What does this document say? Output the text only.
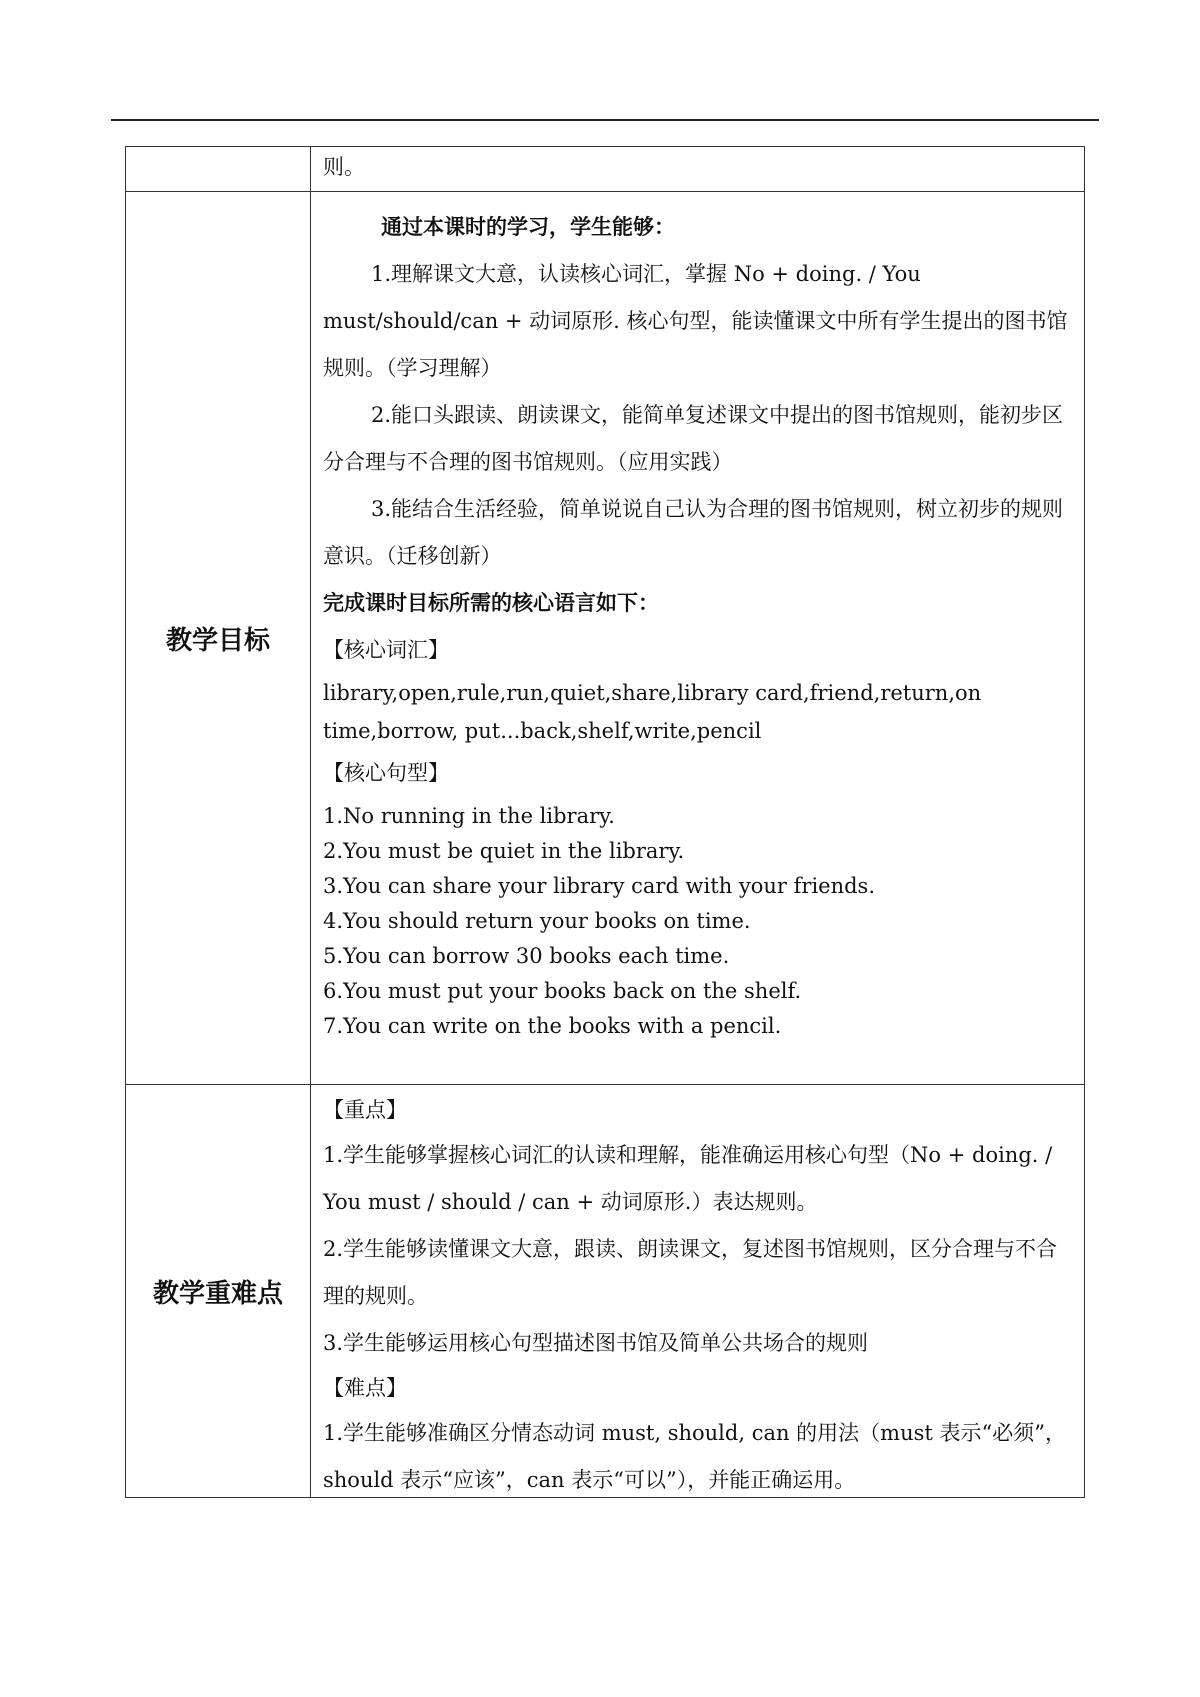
则。

教学目标

通过本课时的学习，学生能够：

1.理解课文大意，认读核心词汇，掌握 No + doing. / You must/should/can + 动词原形. 核心句型，能读懂课文中所有学生提出的图书馆规则。（学习理解）

2.能口头跟读、朗读课文，能简单复述课文中提出的图书馆规则，能初步区分合理与不合理的图书馆规则。（应用实践）

3.能结合生活经验，简单说说自己认为合理的图书馆规则，树立初步的规则意识。（迁移创新）

完成课时目标所需的核心语言如下：

【核心词汇】

library,open,rule,run,quiet,share,library card,friend,return,on time,borrow, put...back,shelf,write,pencil

【核心句型】

1.No running in the library.

2.You must be quiet in the library.

3.You can share your library card with your friends.

4.You should return your books on time.

5.You can borrow 30 books each time.

6.You must put your books back on the shelf.

7.You can write on the books with a pencil.

教学重难点

【重点】

1.学生能够掌握核心词汇的认读和理解，能准确运用核心句型（No + doing. / You must / should / can + 动词原形.）表达规则。

2.学生能够读懂课文大意，跟读、朗读课文，复述图书馆规则，区分合理与不合理的规则。

3.学生能够运用核心句型描述图书馆及简单公共场合的规则

【难点】

1.学生能够准确区分情态动词 must, should, can 的用法（must 表示“必须”，should 表示“应该”，can 表示“可以”），并能正确运用。
